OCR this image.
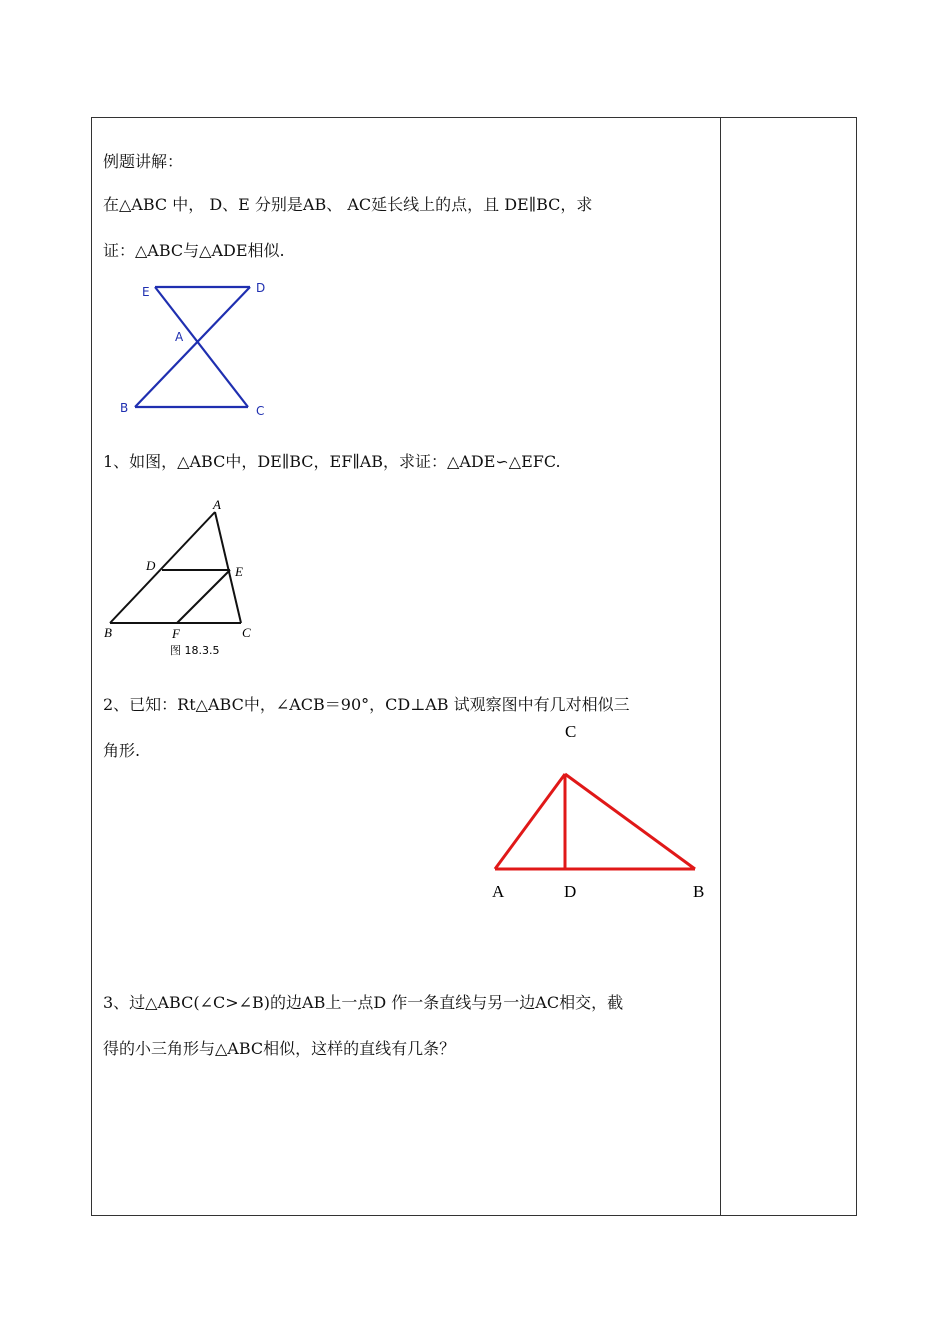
例题讲解：
在△ABC 中， D、E 分别是AB、 AC延长线上的点，且 DE∥BC，求
证：△ABC与△ADE相似.
E	D
A
B	C
1、如图，△ABC中，DE∥BC，EF∥AB，求证：△ADE∽△EFC.
A
D	E
B	F	C
图 18.3.5
2、已知：Rt△ABC中，∠ACB＝90°，CD⊥AB 试观察图中有几对相似三
角形.
C
A	D	B
3、过△ABC(∠C>∠B)的边AB上一点D 作一条直线与另一边AC相交，截
得的小三角形与△ABC相似，这样的直线有几条？
